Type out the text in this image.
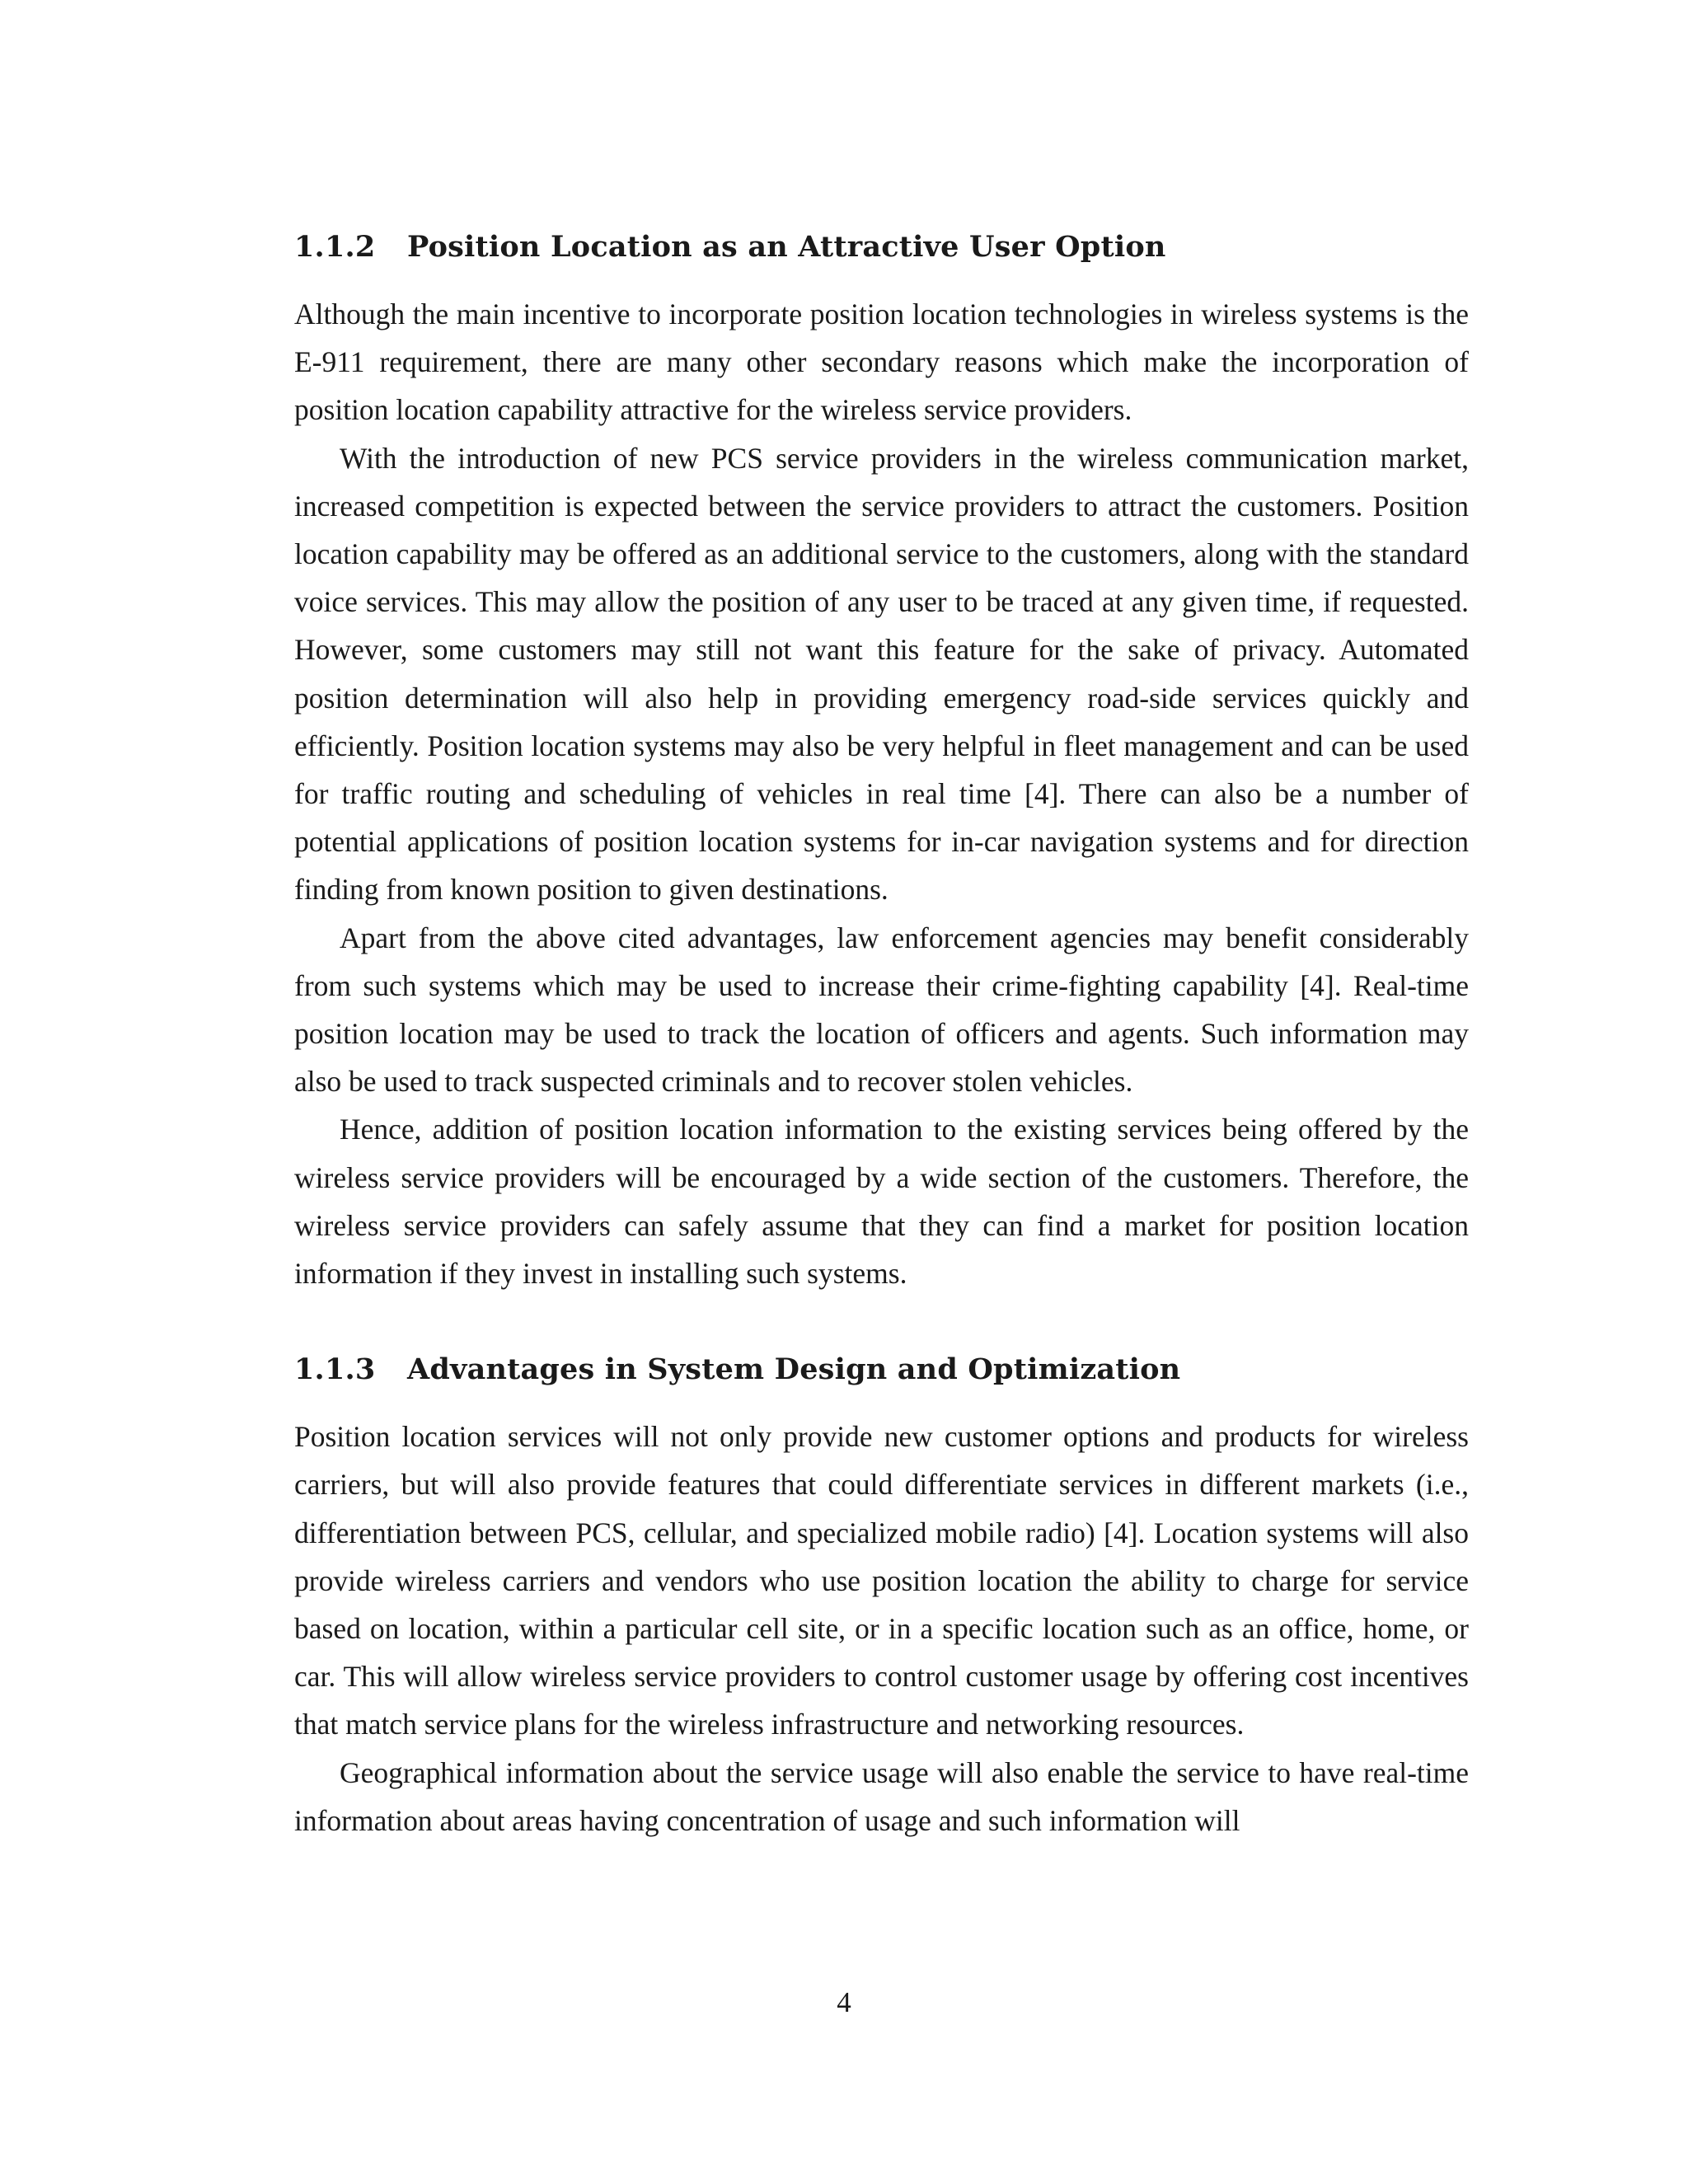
1.1.2	Position Location as an Attractive User Option

Although the main incentive to incorporate position location technologies in wireless systems is the E-911 requirement, there are many other secondary reasons which make the incorporation of position location capability attractive for the wireless service providers.

With the introduction of new PCS service providers in the wireless communication market, increased competition is expected between the service providers to attract the customers. Position location capability may be offered as an additional service to the customers, along with the standard voice services. This may allow the position of any user to be traced at any given time, if requested. However, some customers may still not want this feature for the sake of privacy. Automated position determination will also help in providing emergency road-side services quickly and efficiently. Position location systems may also be very helpful in fleet management and can be used for traffic routing and scheduling of vehicles in real time [4]. There can also be a number of potential applications of position location systems for in-car navigation systems and for direction finding from known position to given destinations.

Apart from the above cited advantages, law enforcement agencies may benefit considerably from such systems which may be used to increase their crime-fighting capability [4]. Real-time position location may be used to track the location of officers and agents. Such information may also be used to track suspected criminals and to recover stolen vehicles.

Hence, addition of position location information to the existing services being offered by the wireless service providers will be encouraged by a wide section of the customers. Therefore, the wireless service providers can safely assume that they can find a market for position location information if they invest in installing such systems.

1.1.3	Advantages in System Design and Optimization

Position location services will not only provide new customer options and products for wireless carriers, but will also provide features that could differentiate services in different markets (i.e., differentiation between PCS, cellular, and specialized mobile radio) [4]. Location systems will also provide wireless carriers and vendors who use position location the ability to charge for service based on location, within a particular cell site, or in a specific location such as an office, home, or car. This will allow wireless service providers to control customer usage by offering cost incentives that match service plans for the wireless infrastructure and networking resources.

Geographical information about the service usage will also enable the service to have real-time information about areas having concentration of usage and such information will

4
